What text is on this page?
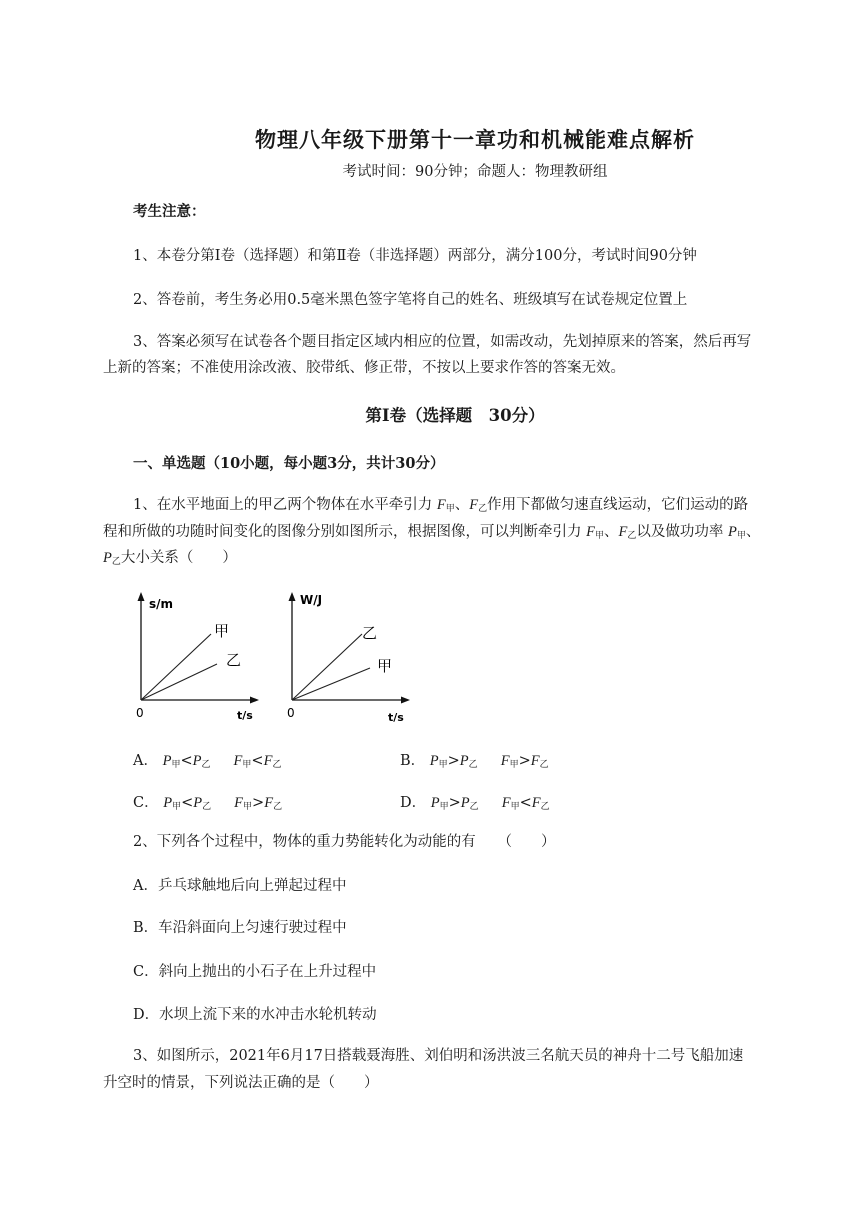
物理八年级下册第十一章功和机械能难点解析
考试时间：90分钟；命题人：物理教研组
考生注意：
1、本卷分第Ⅰ卷（选择题）和第Ⅱ卷（非选择题）两部分，满分100分，考试时间90分钟
2、答卷前，考生务必用0.5毫米黑色签字笔将自己的姓名、班级填写在试卷规定位置上
3、答案必须写在试卷各个题目指定区域内相应的位置，如需改动，先划掉原来的答案，然后再写
上新的答案；不准使用涂改液、胶带纸、修正带，不按以上要求作答的答案无效。
第Ⅰ卷（选择题　30分）
一、单选题（10小题，每小题3分，共计30分）
1、在水平地面上的甲乙两个物体在水平牵引力 $F_甲$、$F_乙$作用下都做匀速直线运动，它们运动的路
程和所做的功随时间变化的图像分别如图所示，根据图像，可以判断牵引力 $F_甲$、$F_乙$以及做功功率 $P_甲$、
$P_乙$大小关系（　　）
s/m
t/s
0
甲
乙
W/J
t/s
0
乙
甲
A． $P_甲<P_乙$ $F_甲<F_乙$	B． $P_甲>P_乙$ $F_甲>F_乙$
C． $P_甲<P_乙$ $F_甲>F_乙$	D． $P_甲>P_乙$ $F_甲<F_乙$
2、下列各个过程中，物体的重力势能转化为动能的有　　（　　）
A．乒乓球触地后向上弹起过程中
B．车沿斜面向上匀速行驶过程中
C．斜向上抛出的小石子在上升过程中
D．水坝上流下来的水冲击水轮机转动
3、如图所示，2021年6月17日搭载聂海胜、刘伯明和汤洪波三名航天员的神舟十二号飞船加速
升空时的情景，下列说法正确的是（　　）
